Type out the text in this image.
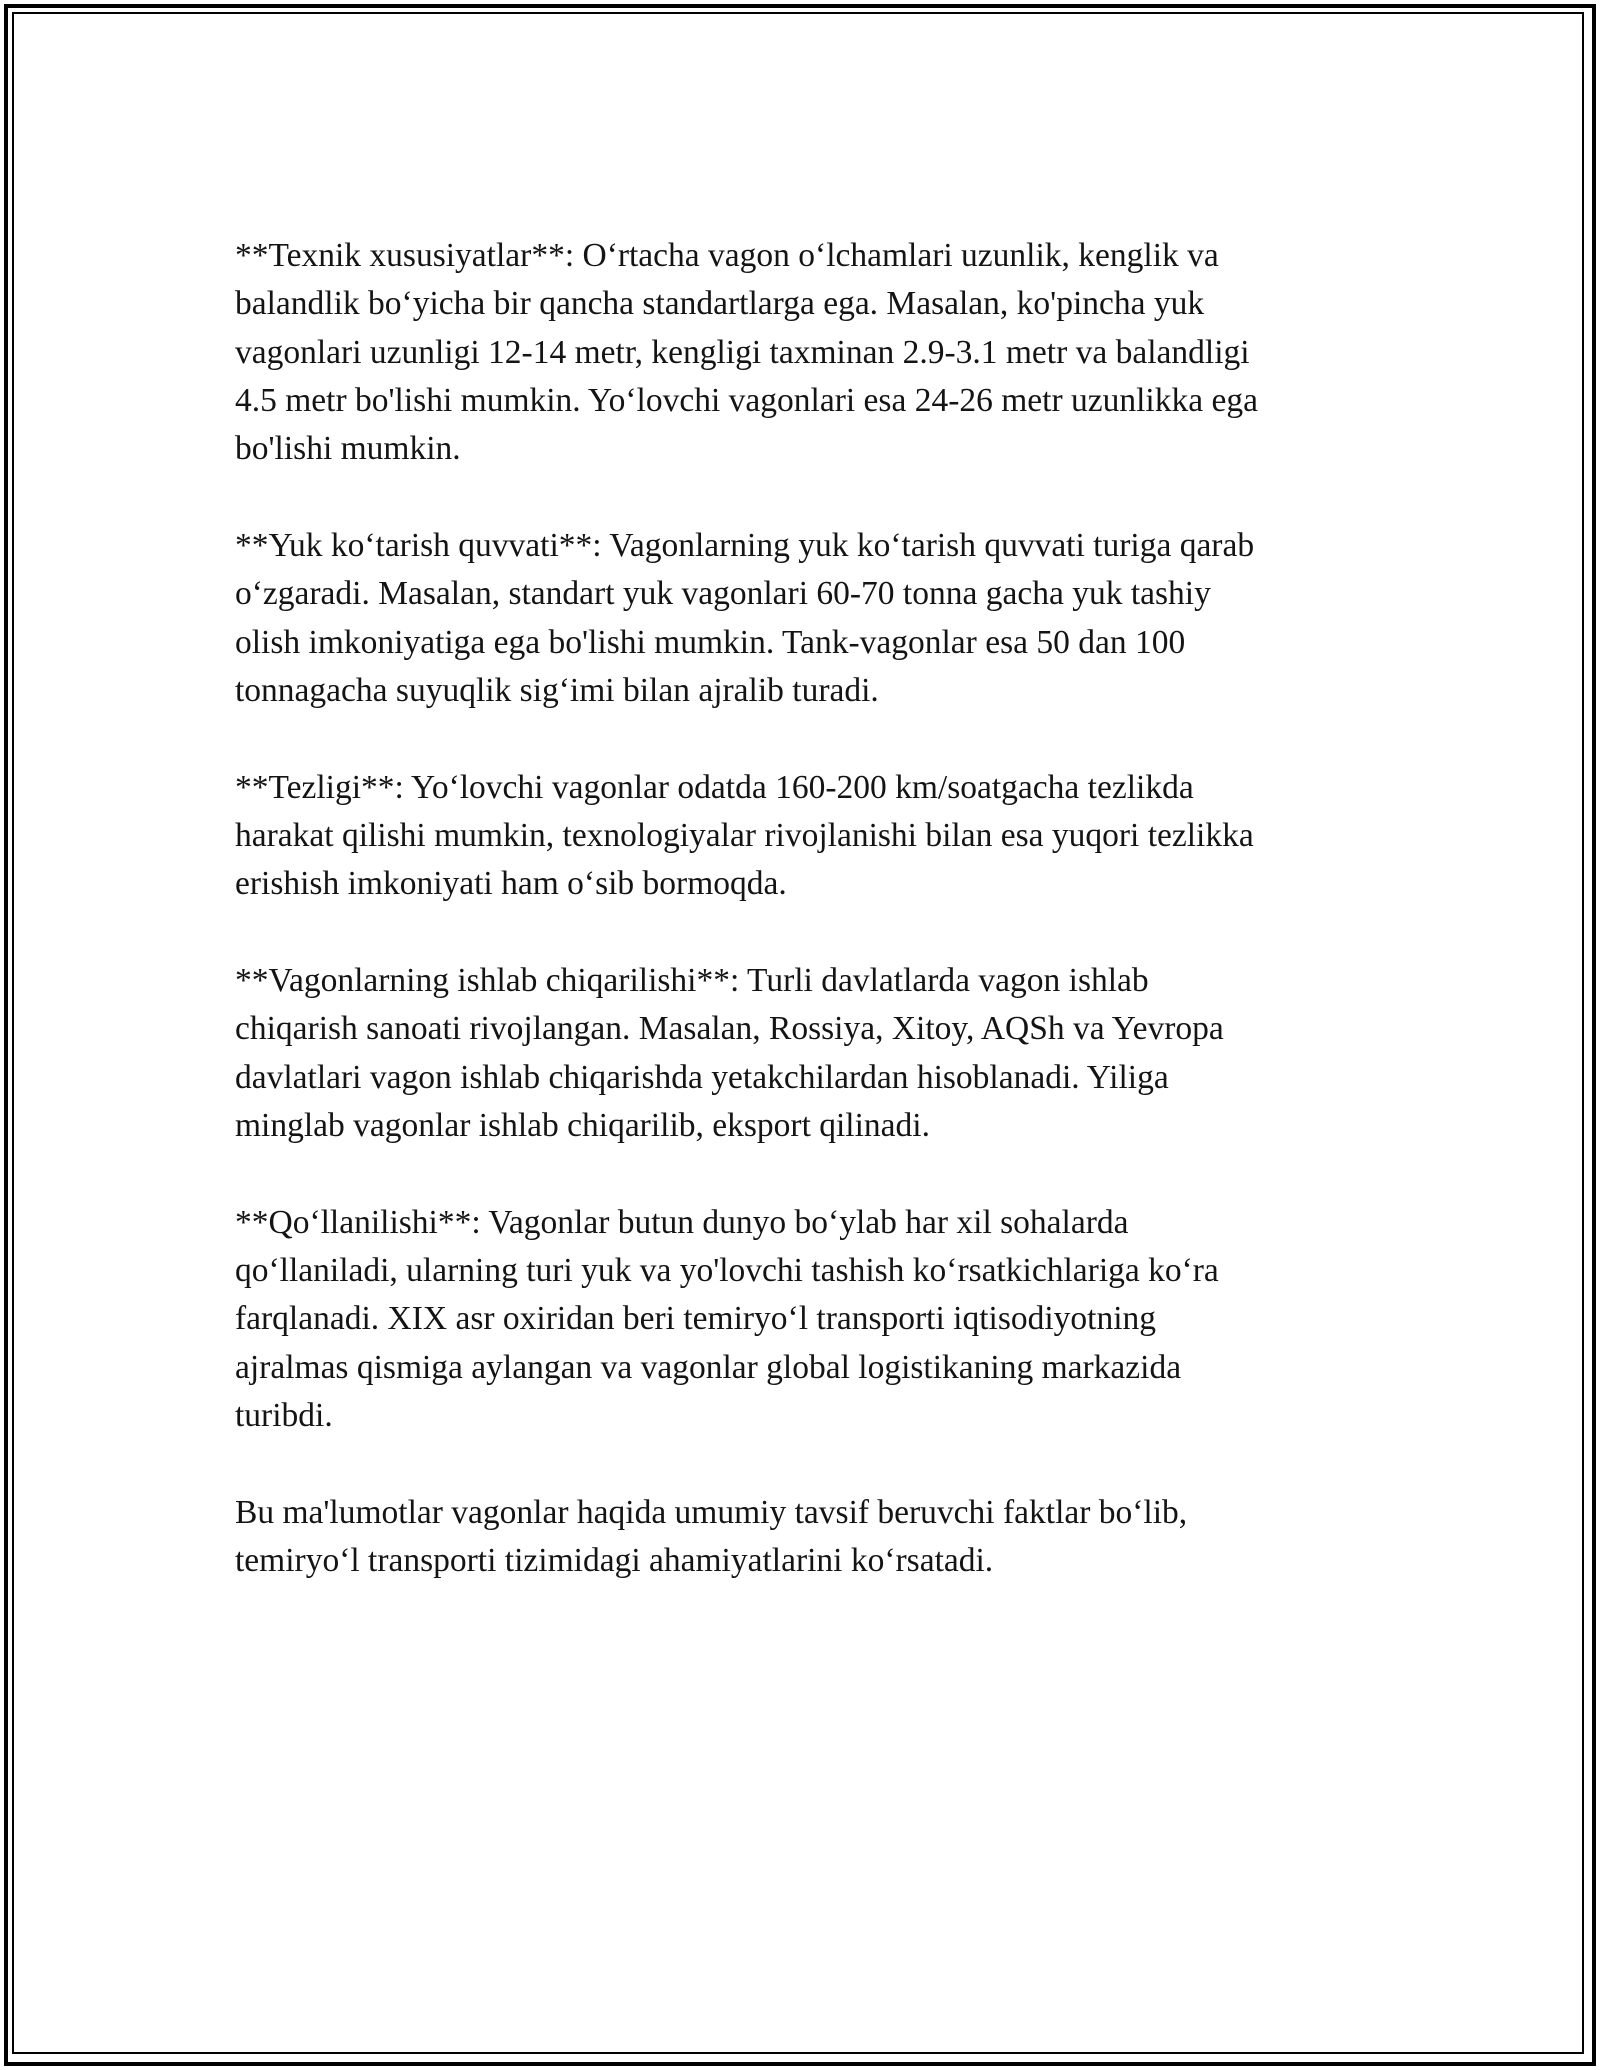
**Texnik xususiyatlar**: O‘rtacha vagon o‘lchamlari uzunlik, kenglik va
balandlik bo‘yicha bir qancha standartlarga ega. Masalan, ko'pincha yuk
vagonlari uzunligi 12-14 metr, kengligi taxminan 2.9-3.1 metr va balandligi
4.5 metr bo'lishi mumkin. Yo‘lovchi vagonlari esa 24-26 metr uzunlikka ega
bo'lishi mumkin.

**Yuk ko‘tarish quvvati**: Vagonlarning yuk ko‘tarish quvvati turiga qarab
o‘zgaradi. Masalan, standart yuk vagonlari 60-70 tonna gacha yuk tashiy
olish imkoniyatiga ega bo'lishi mumkin. Tank-vagonlar esa 50 dan 100
tonnagacha suyuqlik sig‘imi bilan ajralib turadi.

**Tezligi**: Yo‘lovchi vagonlar odatda 160-200 km/soatgacha tezlikda
harakat qilishi mumkin, texnologiyalar rivojlanishi bilan esa yuqori tezlikka
erishish imkoniyati ham o‘sib bormoqda.

**Vagonlarning ishlab chiqarilishi**: Turli davlatlarda vagon ishlab
chiqarish sanoati rivojlangan. Masalan, Rossiya, Xitoy, AQSh va Yevropa
davlatlari vagon ishlab chiqarishda yetakchilardan hisoblanadi. Yiliga
minglab vagonlar ishlab chiqarilib, eksport qilinadi.

**Qo‘llanilishi**: Vagonlar butun dunyo bo‘ylab har xil sohalarda
qo‘llaniladi, ularning turi yuk va yo'lovchi tashish ko‘rsatkichlariga ko‘ra
farqlanadi. XIX asr oxiridan beri temiryo‘l transporti iqtisodiyotning
ajralmas qismiga aylangan va vagonlar global logistikaning markazida
turibdi.

Bu ma'lumotlar vagonlar haqida umumiy tavsif beruvchi faktlar bo‘lib,
temiryo‘l transporti tizimidagi ahamiyatlarini ko‘rsatadi.
